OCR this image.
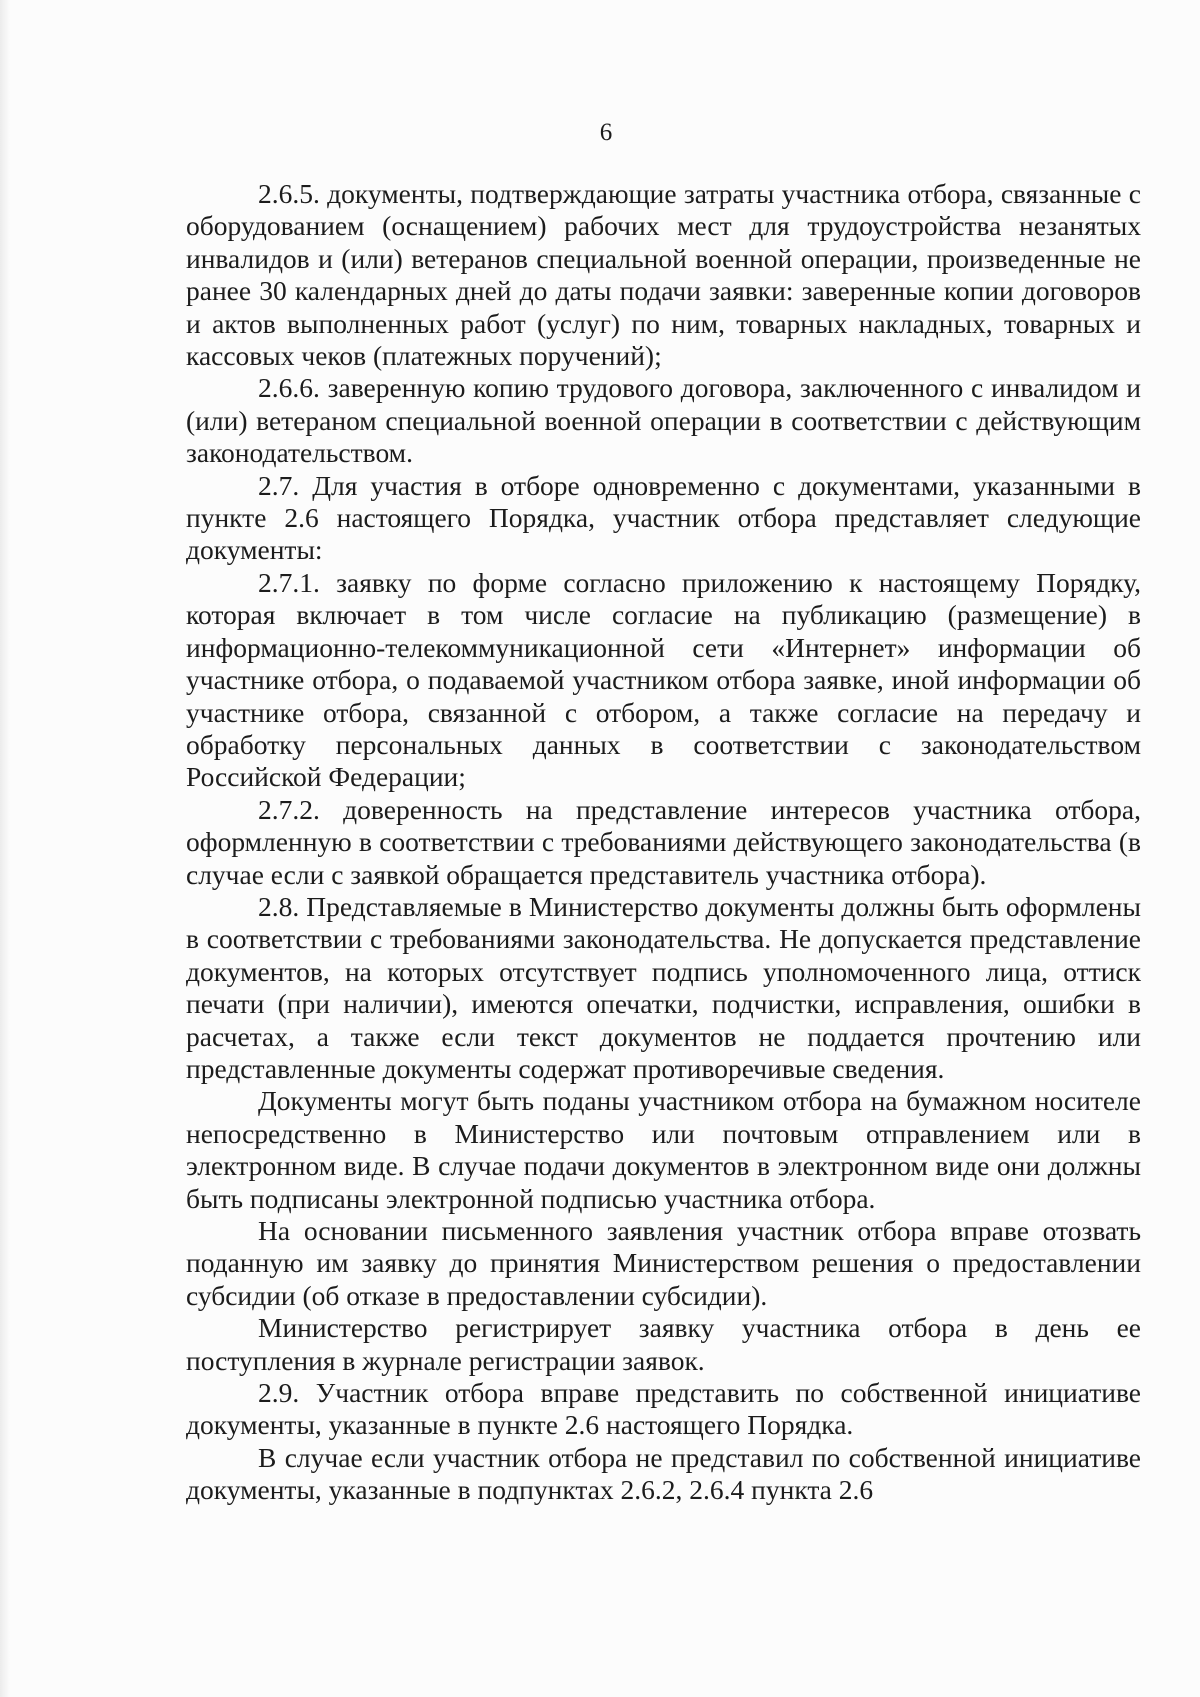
6

2.6.5. документы, подтверждающие затраты участника отбора, связанные с оборудованием (оснащением) рабочих мест для трудоустройства незанятых инвалидов и (или) ветеранов специальной военной операции, произведенные не ранее 30 календарных дней до даты подачи заявки: заверенные копии договоров и актов выполненных работ (услуг) по ним, товарных накладных, товарных и кассовых чеков (платежных поручений);

2.6.6. заверенную копию трудового договора, заключенного с инвалидом и (или) ветераном специальной военной операции в соответствии с действующим законодательством.

2.7. Для участия в отборе одновременно с документами, указанными в пункте 2.6 настоящего Порядка, участник отбора представляет следующие документы:

2.7.1. заявку по форме согласно приложению к настоящему Порядку, которая включает в том числе согласие на публикацию (размещение) в информационно-телекоммуникационной сети «Интернет» информации об участнике отбора, о подаваемой участником отбора заявке, иной информации об участнике отбора, связанной с отбором, а также согласие на передачу и обработку персональных данных в соответствии с законодательством Российской Федерации;

2.7.2. доверенность на представление интересов участника отбора, оформленную в соответствии с требованиями действующего законодательства (в случае если с заявкой обращается представитель участника отбора).

2.8. Представляемые в Министерство документы должны быть оформлены в соответствии с требованиями законодательства. Не допускается представление документов, на которых отсутствует подпись уполномоченного лица, оттиск печати (при наличии), имеются опечатки, подчистки, исправления, ошибки в расчетах, а также если текст документов не поддается прочтению или представленные документы содержат противоречивые сведения.

Документы могут быть поданы участником отбора на бумажном носителе непосредственно в Министерство или почтовым отправлением или в электронном виде. В случае подачи документов в электронном виде они должны быть подписаны электронной подписью участника отбора.

На основании письменного заявления участник отбора вправе отозвать поданную им заявку до принятия Министерством решения о предоставлении субсидии (об отказе в предоставлении субсидии).

Министерство регистрирует заявку участника отбора в день ее поступления в журнале регистрации заявок.

2.9. Участник отбора вправе представить по собственной инициативе документы, указанные в пункте 2.6 настоящего Порядка.

В случае если участник отбора не представил по собственной инициативе документы, указанные в подпунктах 2.6.2, 2.6.4 пункта 2.6
